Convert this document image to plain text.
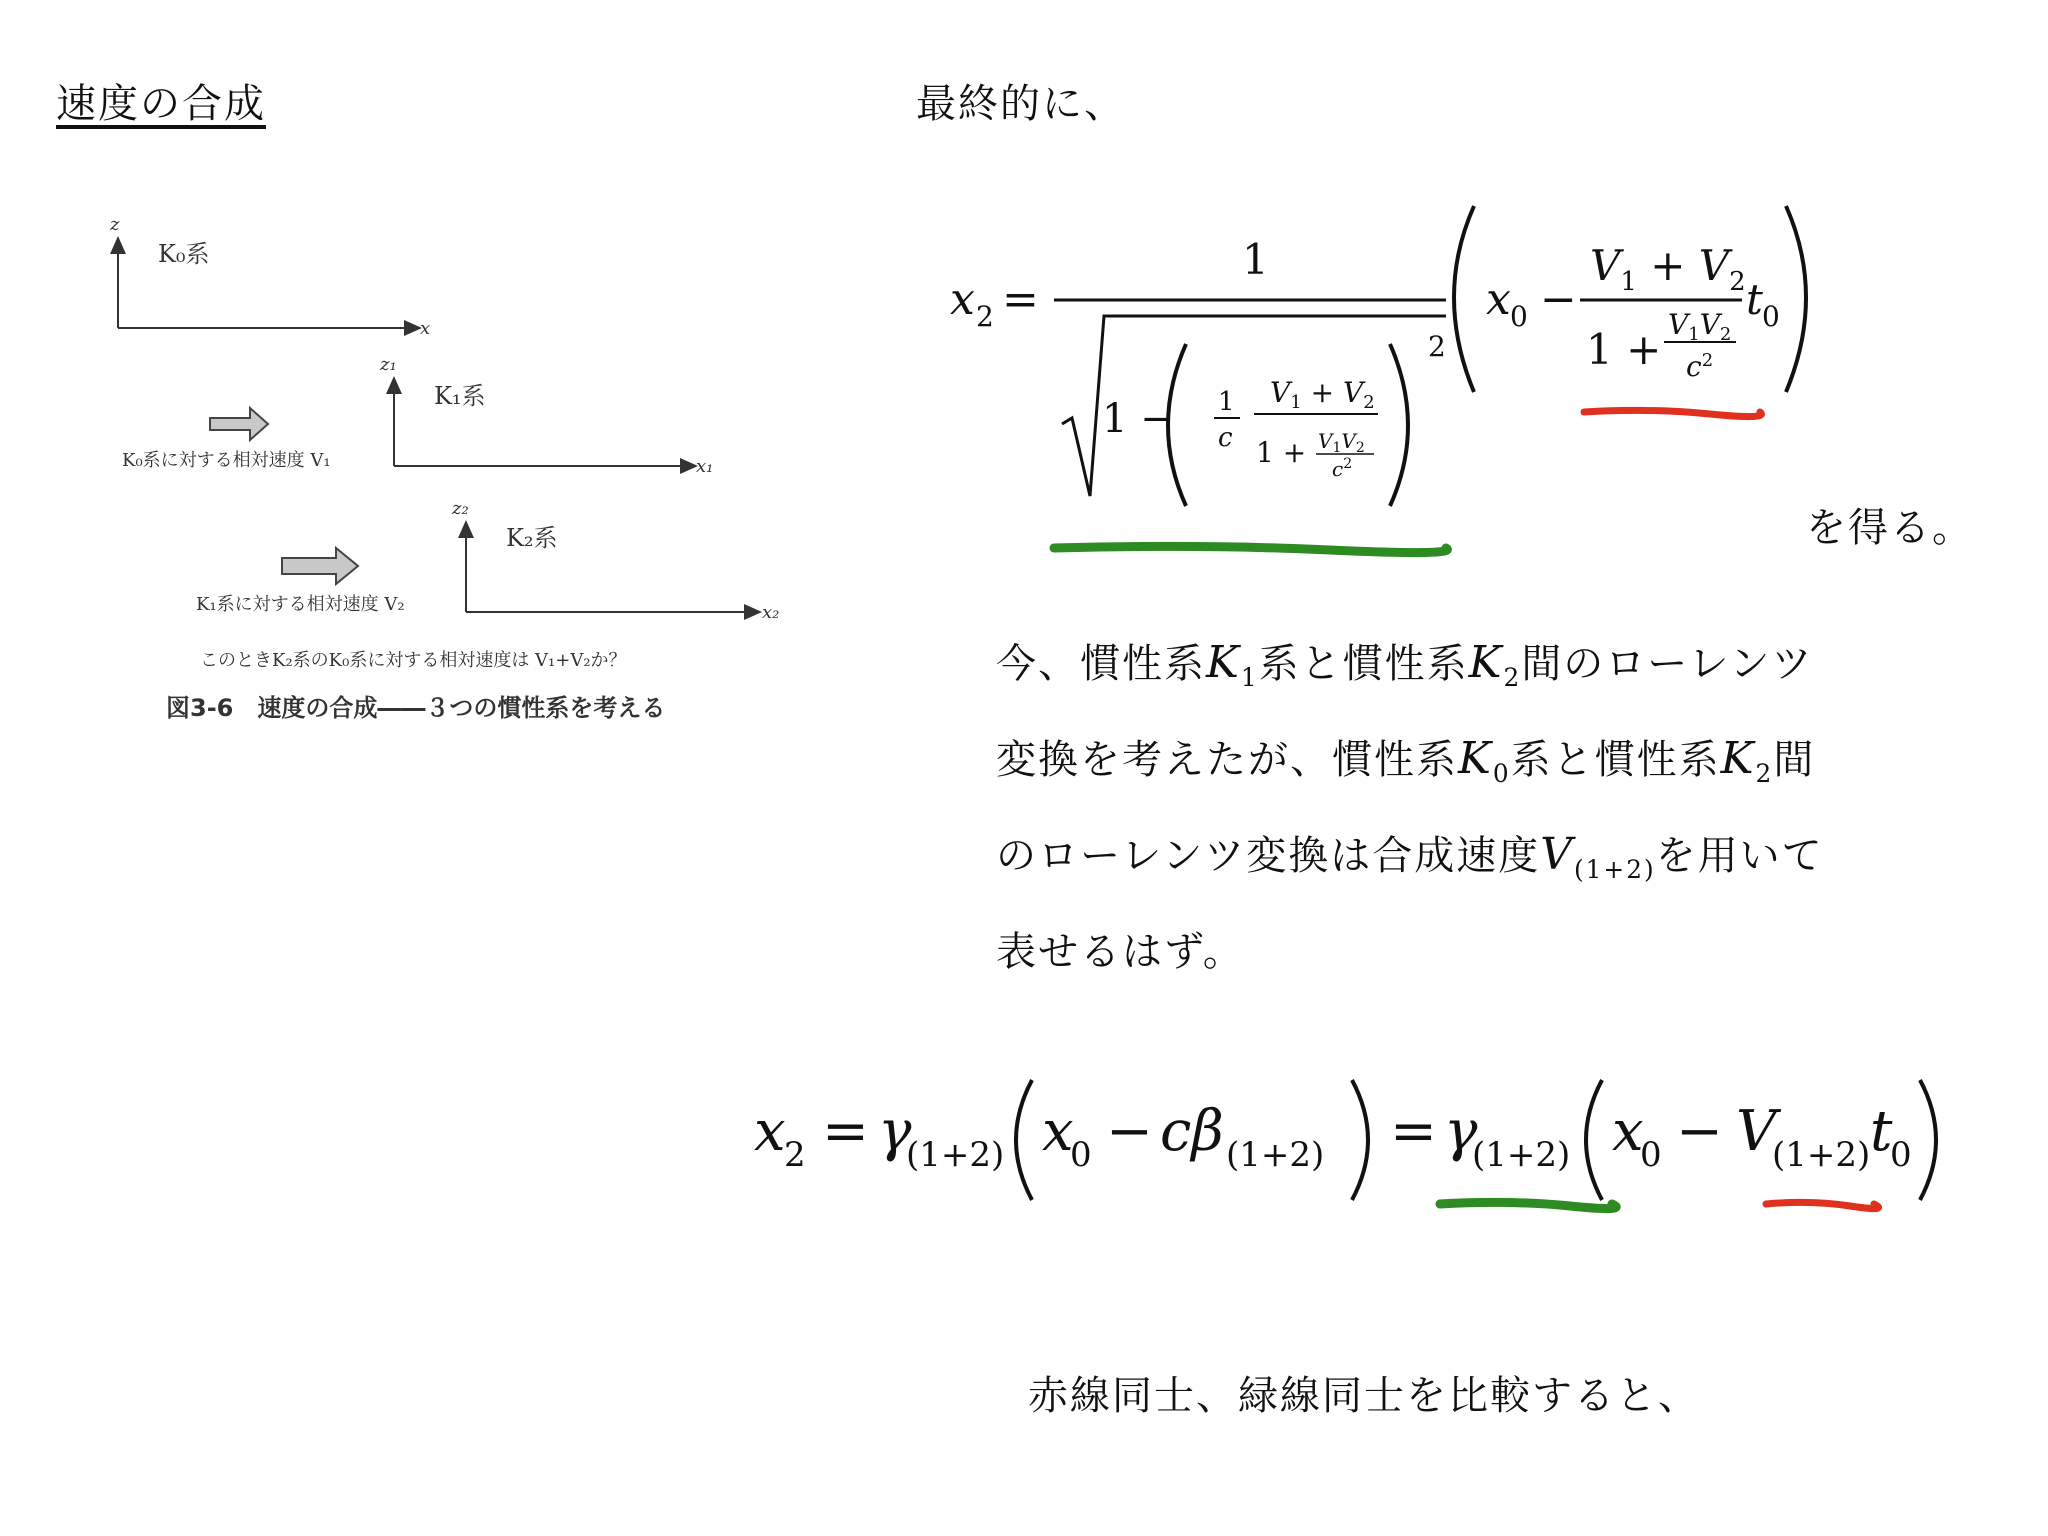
速度の合成	最終的に、
z
x
K₀系
K₀系に対する相対速度 V₁
z₁
x₁
K₁系
K₁系に対する相対速度 V₂
z₂
x₂
K₂系
このときK₂系のK₀系に対する相対速度は V₁+V₂か？
図3-6　速度の合成――３つの慣性系を考える
x 2 =
1
1 − 1
c
$V_1 + V_2$
$1 + V_1V_2$
$c^2$
2
x 0 −
$V_1 + V_2$
1 +
$V_1V_2$
$c^2$
t 0
を得る。
今、慣性系$K_1$系と慣性系$K_2$間のローレンツ
変換を考えたが、慣性系$K_0$系と慣性系$K_2$間
のローレンツ変換は合成速度$V_{(1+2)}$を用いて
表せるはず。
x
2 = γ
(1+2) x
0 − cβ (1+2) = γ
(1+2) x
0 − V
(1+2) t
0
赤線同士、緑線同士を比較すると、
